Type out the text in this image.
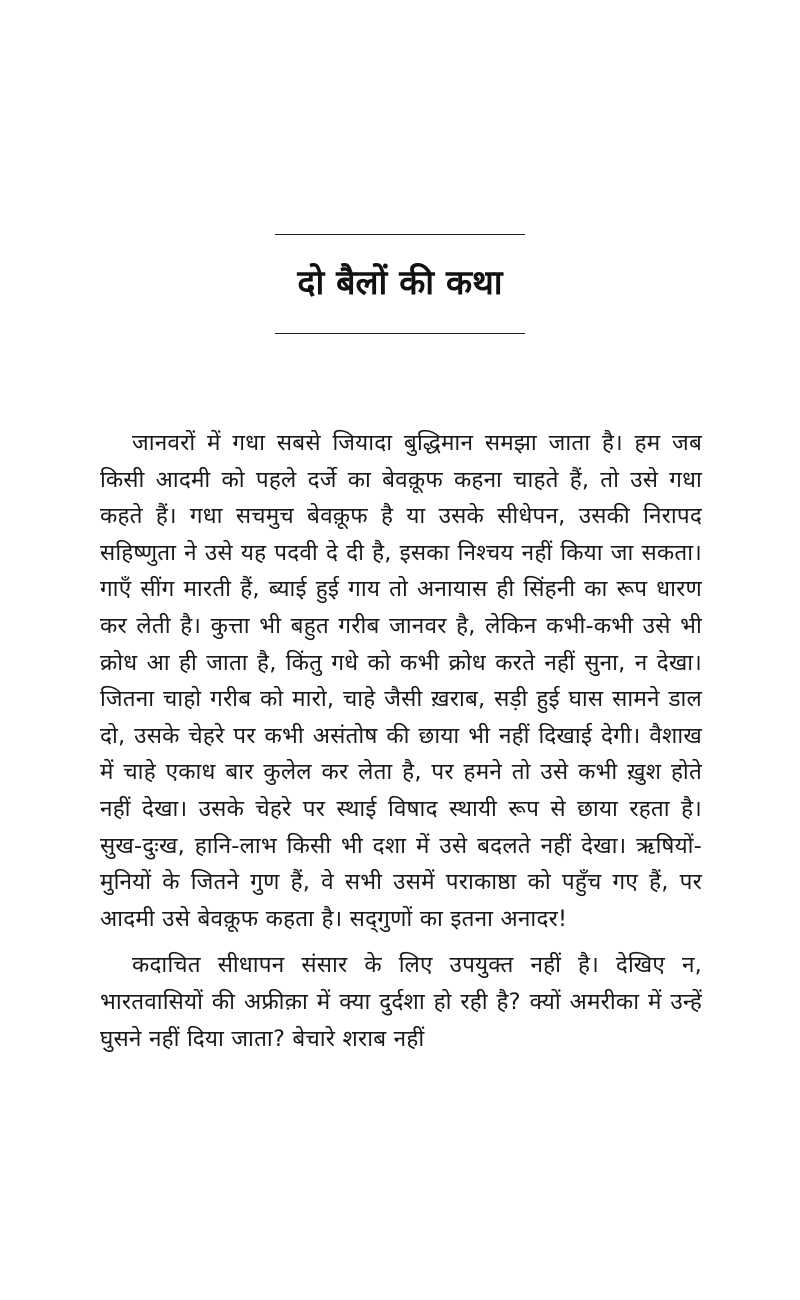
दो बैलों की कथा

जानवरों में गधा सबसे जियादा बुद्धिमान समझा जाता है। हम जब किसी आदमी को पहले दर्जे का बेवक़ूफ कहना चाहते हैं, तो उसे गधा कहते हैं। गधा सचमुच बेवक़ूफ है या उसके सीधेपन, उसकी निरापद सहिष्णुता ने उसे यह पदवी दे दी है, इसका निश्चय नहीं किया जा सकता। गाएँ सींग मारती हैं, ब्याई हुई गाय तो अनायास ही सिंहनी का रूप धारण कर लेती है। कुत्ता भी बहुत गरीब जानवर है, लेकिन कभी-कभी उसे भी क्रोध आ ही जाता है, किंतु गधे को कभी क्रोध करते नहीं सुना, न देखा। जितना चाहो गरीब को मारो, चाहे जैसी ख़राब, सड़ी हुई घास सामने डाल दो, उसके चेहरे पर कभी असंतोष की छाया भी नहीं दिखाई देगी। वैशाख में चाहे एकाध बार कुलेल कर लेता है, पर हमने तो उसे कभी ख़ुश होते नहीं देखा। उसके चेहरे पर स्थाई विषाद स्थायी रूप से छाया रहता है। सुख-दुःख, हानि-लाभ किसी भी दशा में उसे बदलते नहीं देखा। ऋषियों-मुनियों के जितने गुण हैं, वे सभी उसमें पराकाष्ठा को पहुँच गए हैं, पर आदमी उसे बेवक़ूफ कहता है। सद्‌गुणों का इतना अनादर!

कदाचित सीधापन संसार के लिए उपयुक्त नहीं है। देखिए न, भारतवासियों की अफ्रीक़ा में क्या दुर्दशा हो रही है? क्यों अमरीका में उन्हें घुसने नहीं दिया जाता? बेचारे शराब नहीं
